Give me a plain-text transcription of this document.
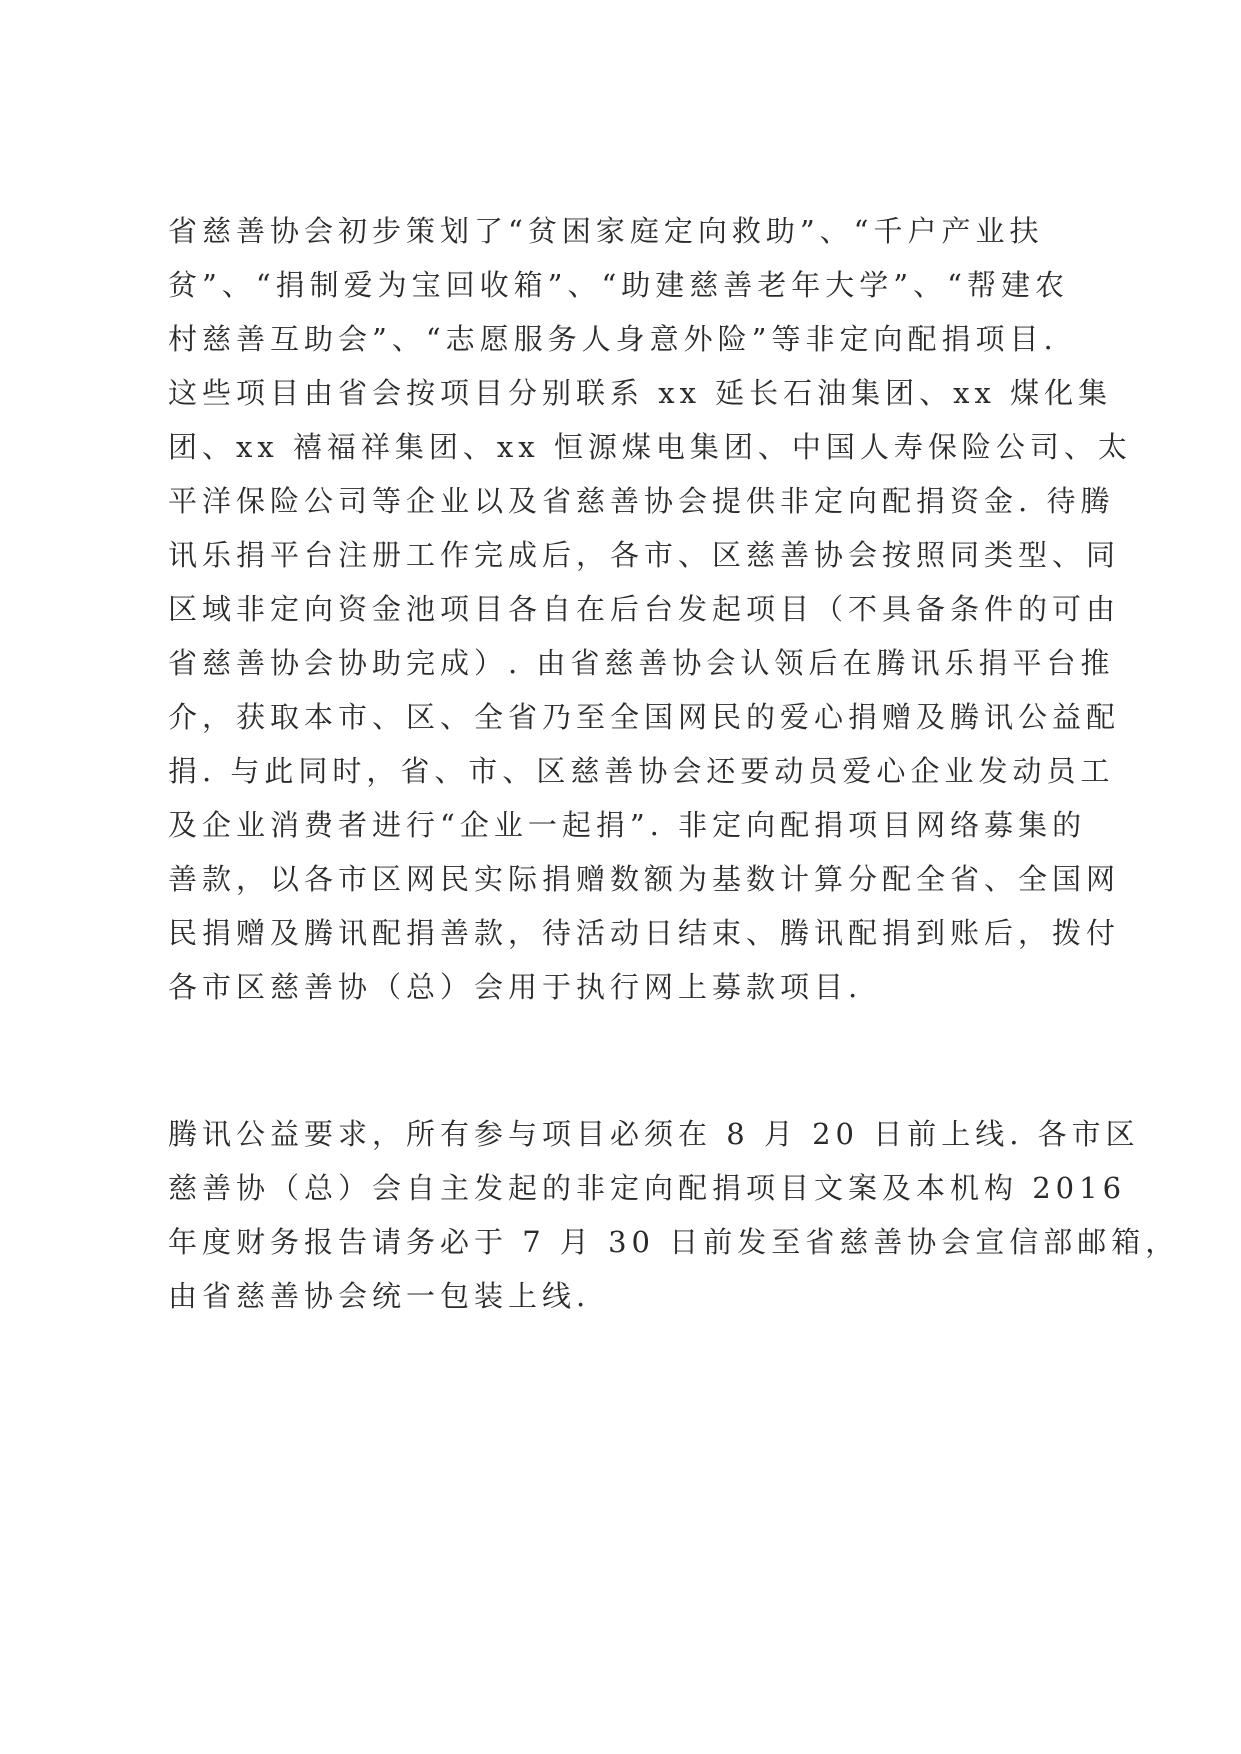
省慈善协会初步策划了“贫困家庭定向救助”、“千户产业扶

贫”、“捐制爱为宝回收箱”、“助建慈善老年大学”、“帮建农

村慈善互助会”、“志愿服务人身意外险”等非定向配捐项目.

这些项目由省会按项目分别联系 xx 延长石油集团、xx 煤化集

团、xx 禧福祥集团、xx 恒源煤电集团、中国人寿保险公司、太

平洋保险公司等企业以及省慈善协会提供非定向配捐资金. 待腾

讯乐捐平台注册工作完成后，各市、区慈善协会按照同类型、同

区域非定向资金池项目各自在后台发起项目（不具备条件的可由

省慈善协会协助完成）. 由省慈善协会认领后在腾讯乐捐平台推

介，获取本市、区、全省乃至全国网民的爱心捐赠及腾讯公益配

捐. 与此同时，省、市、区慈善协会还要动员爱心企业发动员工

及企业消费者进行“企业一起捐”. 非定向配捐项目网络募集的

善款，以各市区网民实际捐赠数额为基数计算分配全省、全国网

民捐赠及腾讯配捐善款，待活动日结束、腾讯配捐到账后，拨付

各市区慈善协（总）会用于执行网上募款项目.

腾讯公益要求，所有参与项目必须在 8 月 20 日前上线. 各市区

慈善协（总）会自主发起的非定向配捐项目文案及本机构 2016

年度财务报告请务必于 7 月 30 日前发至省慈善协会宣信部邮箱，

由省慈善协会统一包装上线.
